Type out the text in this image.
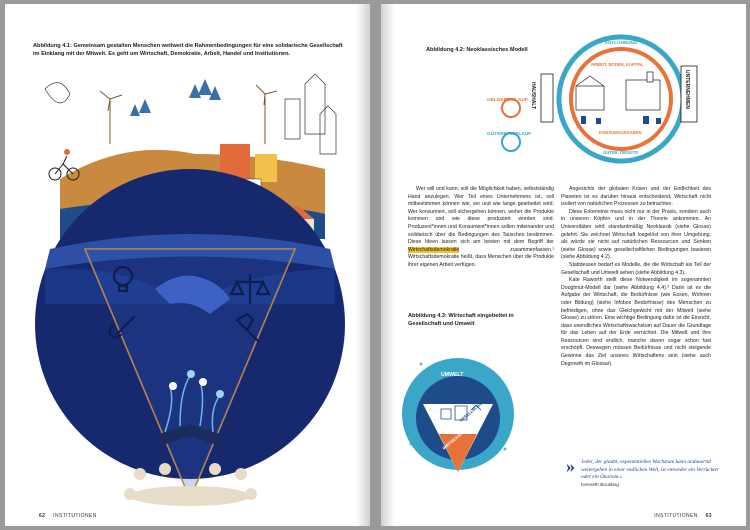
Abbildung 4.1: Gemeinsam gestalten Menschen weltweit die Rahmenbedingungen für eine solidarische Gesellschaft im Einklang mit der Mitwelt. Es geht um Wirtschaft, Demokratie, Arbeit, Handel und Institutionen.
62 INSTITUTIONEN
Abbildung 4.2: Neoklassisches Modell
HAUSHALT	UNTERNEHMEN
ENTLOHNUNG
ARBEIT, BODEN, KAPITAL
KONSUMAUSGABEN
GÜTER, DIENSTE
GELDKREISLAUF
GÜTERKREISLAUF

Wer will und kann, soll die Möglichkeit haben, selbstständig Hand anzulegen. Wer Teil eines Unternehmens ist, soll mitbestimmen können wie, wo und wie lange gearbeitet wird. Wer konsumiert, soll sichergehen können, woher die Produkte kommen und wie diese produziert worden sind. Produzent*innen und Konsument*innen sollen miteinander und solidarisch über die Bedingungen des Tausches bestimmen. Diese Ideen lassen sich am besten mit dem Begriff der Wirtschaftsdemokratie zusammenfassen.¹ Wirtschaftsdemokratie heißt, dass Menschen über die Produkte ihrer eigenen Arbeit verfügen.

Abbildung 4.3: Wirtschaft eingebettet in Gesellschaft und Umwelt
UMWELT
GESELLSCHAFT
WIRTSCHAFT

Angesichts der globalen Krisen und der Endlichkeit des Planeten ist es darüber hinaus entscheidend, Wirtschaft nicht isoliert von natürlichen Prozessen zu betrachten.

Diese Erkenntnis muss nicht nur in der Praxis, sondern auch in unseren Köpfen und in der Theorie ankommen. An Universitäten wird standardmäßig Neoklassik (siehe Glosse) gelehrt. Sie zeichnet Wirtschaft losgelöst von ihrer Umgebung, als würde sie nicht auf natürlichen Ressourcen und Senken (siehe Glosse) sowie gesellschaftlichen Bedingungen basieren (siehe Abbildung 4.2).

Stattdessen bedarf es Modelle, die die Wirtschaft als Teil der Gesellschaft und Umwelt sehen (siehe Abbildung 4.3).

Kate Raworth stellt diese Notwendigkeit im sogenannten Doughnut-Modell dar (siehe Abbildung 4.4).² Darin ist es die Aufgabe der Wirtschaft, die Bedürfnisse (wie Essen, Wohnen oder Bildung) (siehe Infobox Bedürfnisse) des Menschen zu befriedigen, ohne das Gleichgewicht mit der Mitwelt (siehe Glosse) zu stören. Eine wichtige Bedingung dafür ist die Einsicht, dass unendliches Wirtschaftswachstum auf Dauer die Grundlage für das Leben auf der Erde vernichtet. Die Mitwelt und ihre Ressourcen sind endlich, manche davon sogar schon fast erschöpft. Deswegen müssen Bedürfnisse und nicht steigende Gewinne das Ziel unseres Wirtschaftens sein (siehe auch Degrowth im Glossar).

» Jeder, der glaubt, exponentielles Wachstum kann andauernd weitergehen in einer endlichen Welt, ist entweder ein Verrückter oder ein Ökonom.«
Kenneth Boulding
INSTITUTIONEN 63
